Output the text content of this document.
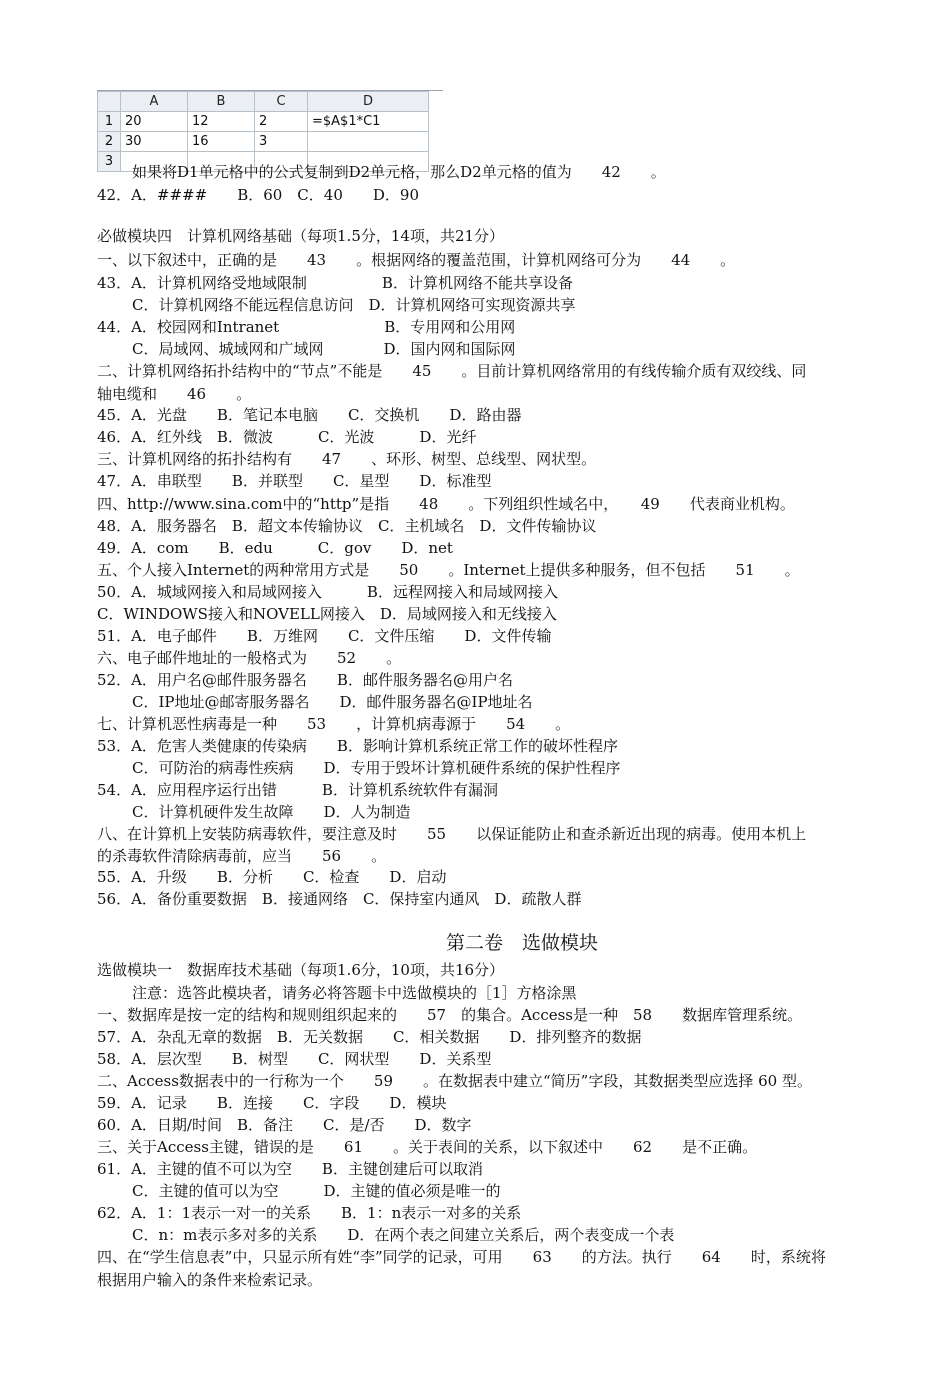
	A	B	C	D
1	20	12	2	=$A$1*C1
2	30	16	3	
3				
如果将D1单元格中的公式复制到D2单元格，那么D2单元格的值为　　42　　。
42．A．####　　B．60　C．40　　D．90
必做模块四　计算机网络基础（每项1.5分，14项，共21分）
一、以下叙述中，正确的是　　43　　。根据网络的覆盖范围，计算机网络可分为　　44　　。
43．A．计算机网络受地域限制　　　　　B．计算机网络不能共享设备
C．计算机网络不能远程信息访问　D．计算机网络可实现资源共享
44．A．校园网和Intranet　　　　　　　B．专用网和公用网
C．局域网、城域网和广域网　　　　D．国内网和国际网
二、计算机网络拓扑结构中的“节点”不能是　　45　　。目前计算机网络常用的有线传输介质有双绞线、同
轴电缆和　　46　　。
45．A．光盘　　B．笔记本电脑　　C．交换机　　D．路由器
46．A．红外线　B．微波　　　C．光波　　　D．光纤
三、计算机网络的拓扑结构有　　47　　、环形、树型、总线型、网状型。
47．A．串联型　　B．并联型　　C．星型　　D．标准型
四、http://www.sina.com中的“http”是指　　48　　。下列组织性域名中，　　49　　代表商业机构。
48．A．服务器名　B．超文本传输协议　C．主机域名　D．文件传输协议
49．A．com　　B．edu　　　C．gov　　D．net
五、个人接入Internet的两种常用方式是　　50　　。Internet上提供多种服务，但不包括　　51　　。
50．A．城域网接入和局域网接入　　　B．远程网接入和局域网接入
C．WINDOWS接入和NOVELL网接入　D．局域网接入和无线接入
51．A．电子邮件　　B．万维网　　C．文件压缩　　D．文件传输
六、电子邮件地址的一般格式为　　52　　。
52．A．用户名@邮件服务器名　　B．邮件服务器名@用户名
C．IP地址@邮寄服务器名　　D．邮件服务器名@IP地址名
七、计算机恶性病毒是一种　　53　　，计算机病毒源于　　54　　。
53．A．危害人类健康的传染病　　B．影响计算机系统正常工作的破坏性程序
C．可防治的病毒性疾病　　D．专用于毁坏计算机硬件系统的保护性程序
54．A．应用程序运行出错　　　B．计算机系统软件有漏洞
C．计算机硬件发生故障　　D．人为制造
八、在计算机上安装防病毒软件，要注意及时　　55　　以保证能防止和查杀新近出现的病毒。使用本机上
的杀毒软件清除病毒前，应当　　56　　。
55．A．升级　　B．分析　　C．检查　　D．启动
56．A．备份重要数据　B．接通网络　C．保持室内通风　D．疏散人群
第二卷　选做模块
选做模块一　数据库技术基础（每项1.6分，10项，共16分）
注意：选答此模块者，请务必将答题卡中选做模块的［1］方格涂黑
一、数据库是按一定的结构和规则组织起来的　　57　的集合。Access是一种　58　　数据库管理系统。
57．A．杂乱无章的数据　B．无关数据　　C．相关数据　　D．排列整齐的数据
58．A．层次型　　B．树型　　C．网状型　　D．关系型
二、Access数据表中的一行称为一个　　59　　。在数据表中建立“简历”字段，其数据类型应选择 60 型。
59．A．记录　　B．连接　　C．字段　　D．模块
60．A．日期/时间　B．备注　　C．是/否　　D．数字
三、关于Access主键，错误的是　　61　　。关于表间的关系，以下叙述中　　62　　是不正确。
61．A．主键的值不可以为空　　B．主键创建后可以取消
C．主键的值可以为空　　　D．主键的值必须是唯一的
62．A．1：1表示一对一的关系　　B．1：n表示一对多的关系
C．n：m表示多对多的关系　　D．在两个表之间建立关系后，两个表变成一个表
四、在“学生信息表”中，只显示所有姓“李”同学的记录，可用　　63　　的方法。执行　　64　　时，系统将
根据用户输入的条件来检索记录。
